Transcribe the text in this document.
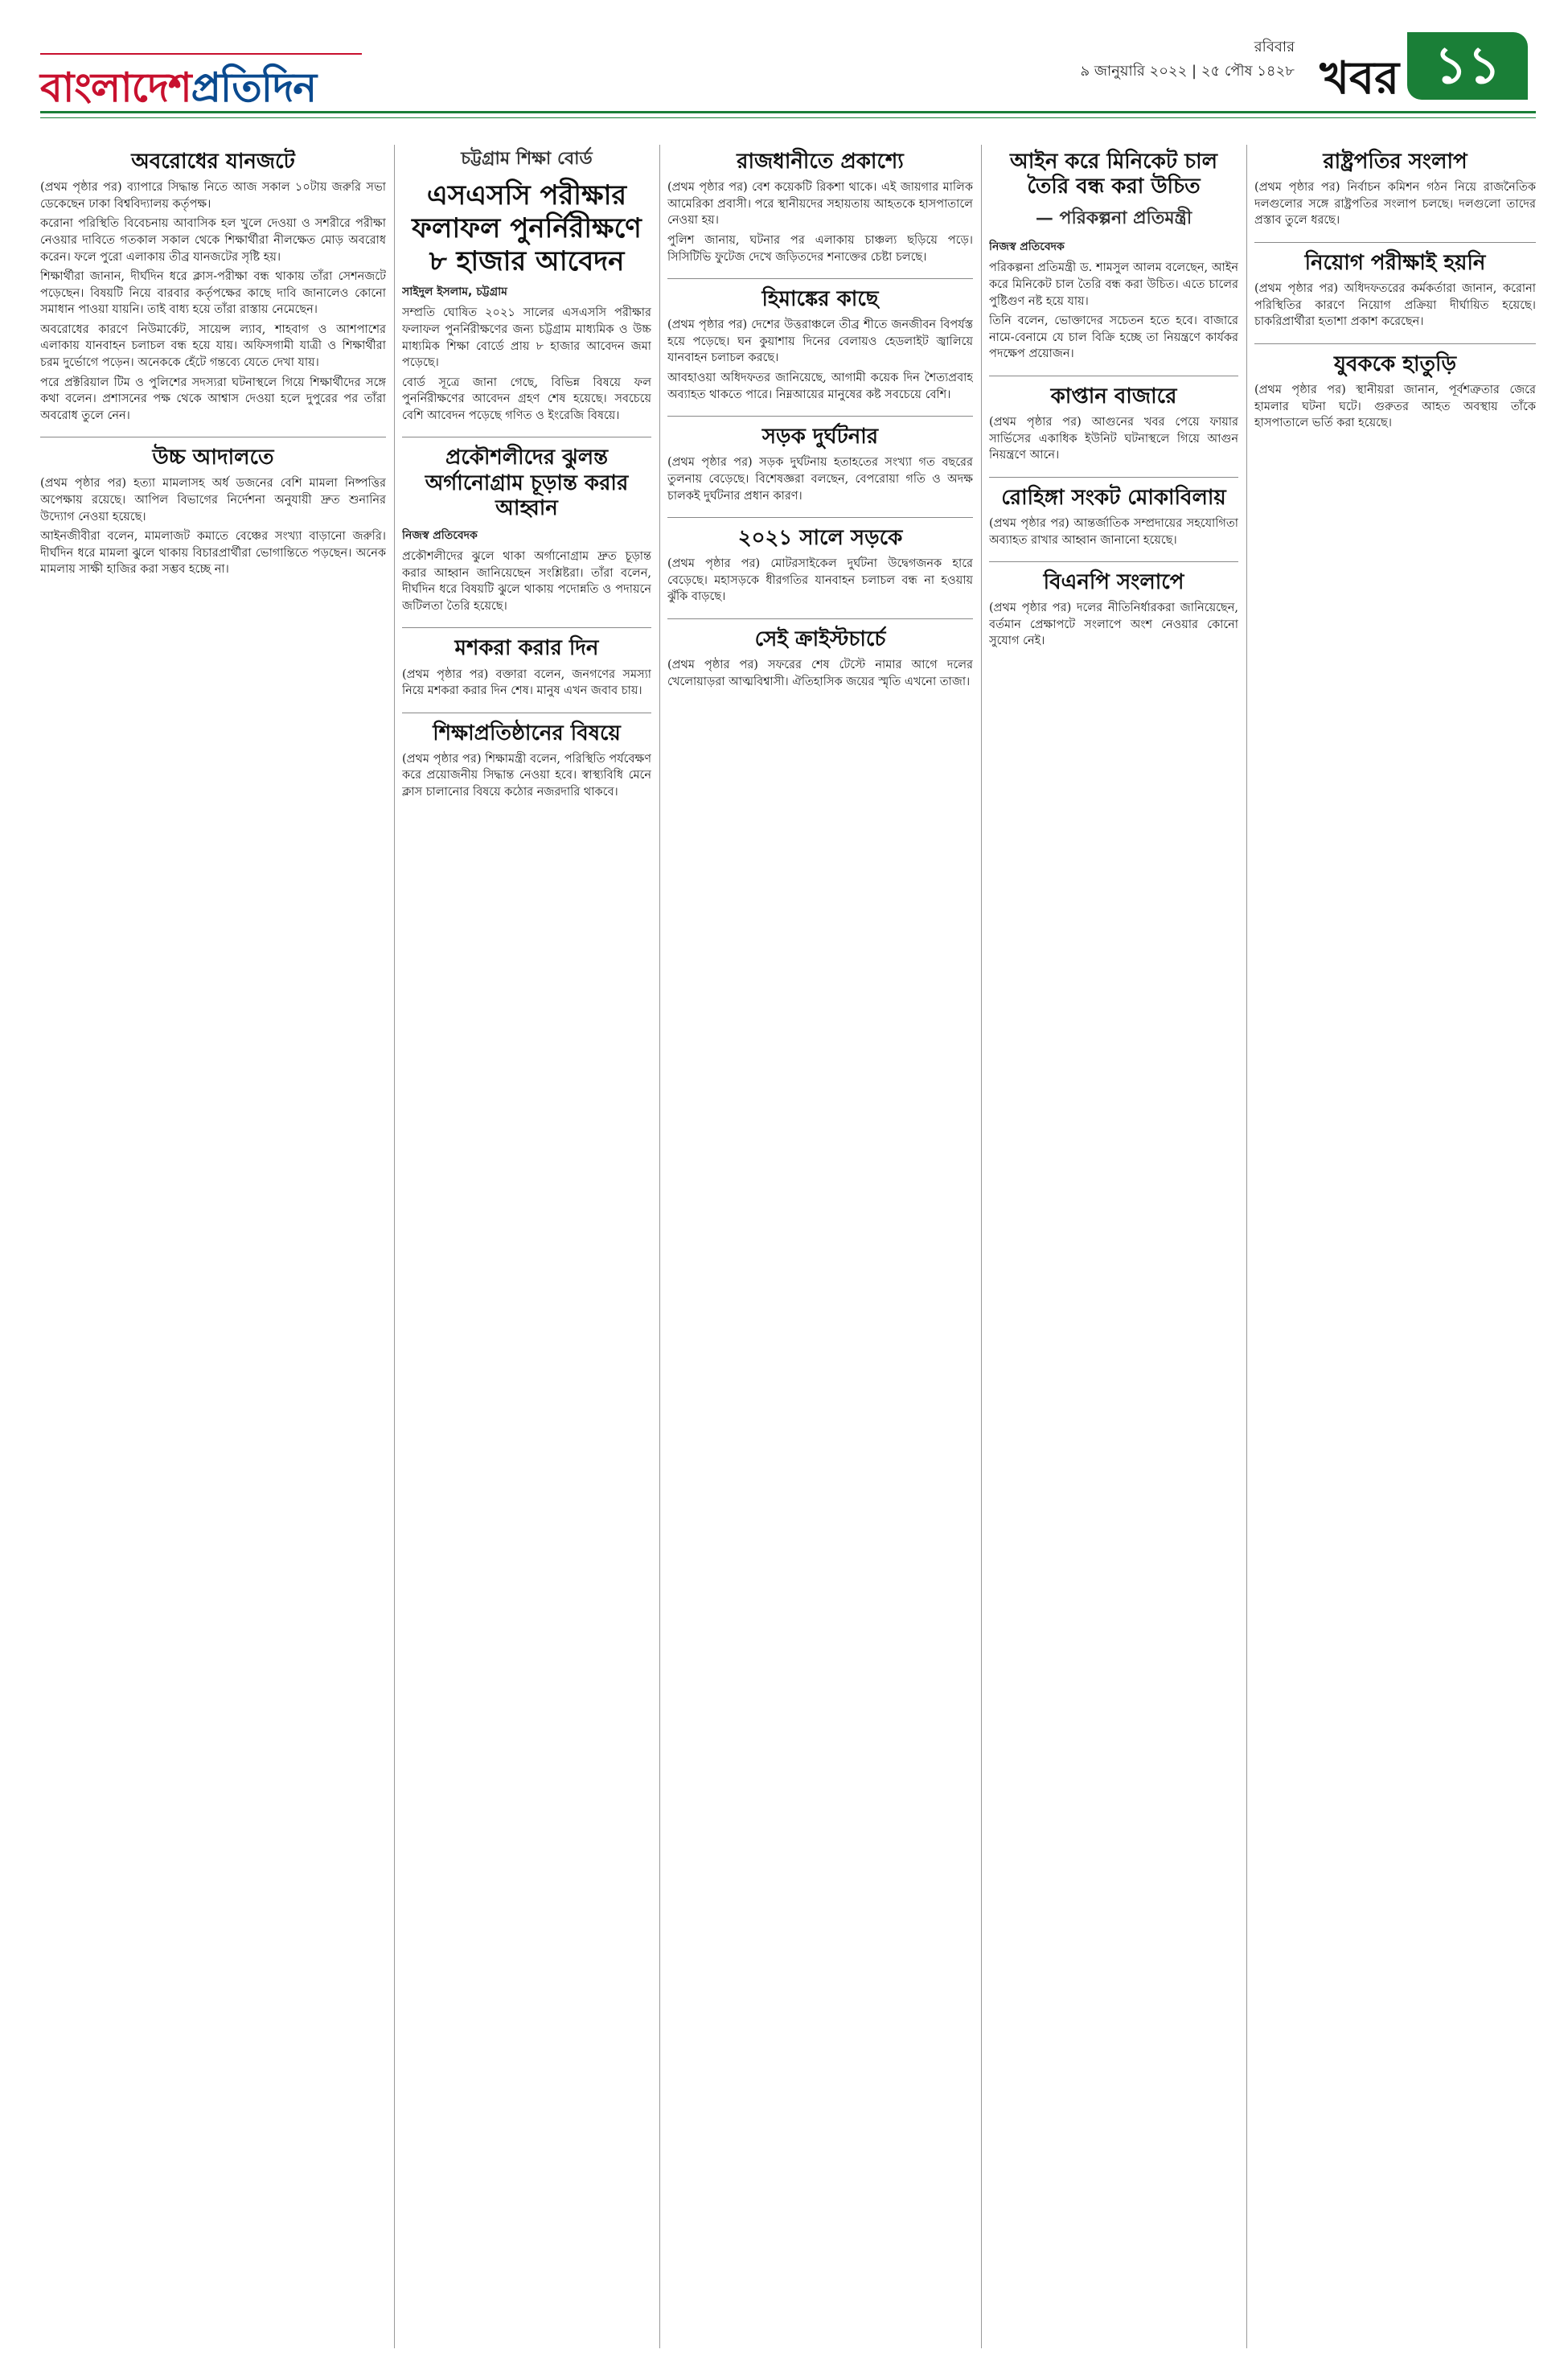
বাংলাদেশপ্রতিদিন
রবিবার
৯ জানুয়ারি ২০২২ | ২৫ পৌষ ১৪২৮ খবর ১১
অবরোধের যানজটে

(প্রথম পৃষ্ঠার পর) ব্যাপারে সিদ্ধান্ত নিতে আজ সকাল ১০টায় জরুরি সভা ডেকেছেন ঢাকা বিশ্ববিদ্যালয় কর্তৃপক্ষ।

করোনা পরিস্থিতি বিবেচনায় আবাসিক হল খুলে দেওয়া ও সশরীরে পরীক্ষা নেওয়ার দাবিতে গতকাল সকাল থেকে শিক্ষার্থীরা নীলক্ষেত মোড় অবরোধ করেন। ফলে পুরো এলাকায় তীব্র যানজটের সৃষ্টি হয়।

শিক্ষার্থীরা জানান, দীর্ঘদিন ধরে ক্লাস-পরীক্ষা বন্ধ থাকায় তাঁরা সেশনজটে পড়েছেন। বিষয়টি নিয়ে বারবার কর্তৃপক্ষের কাছে দাবি জানালেও কোনো সমাধান পাওয়া যায়নি। তাই বাধ্য হয়ে তাঁরা রাস্তায় নেমেছেন।

অবরোধের কারণে নিউমার্কেট, সায়েন্স ল্যাব, শাহবাগ ও আশপাশের এলাকায় যানবাহন চলাচল বন্ধ হয়ে যায়। অফিসগামী যাত্রী ও শিক্ষার্থীরা চরম দুর্ভোগে পড়েন। অনেককে হেঁটে গন্তব্যে যেতে দেখা যায়।

পরে প্রক্টরিয়াল টিম ও পুলিশের সদস্যরা ঘটনাস্থলে গিয়ে শিক্ষার্থীদের সঙ্গে কথা বলেন। প্রশাসনের পক্ষ থেকে আশ্বাস দেওয়া হলে দুপুরের পর তাঁরা অবরোধ তুলে নেন।

উচ্চ আদালতে

(প্রথম পৃষ্ঠার পর) হত্যা মামলাসহ অর্ধ ডজনের বেশি মামলা নিষ্পত্তির অপেক্ষায় রয়েছে। আপিল বিভাগের নির্দেশনা অনুযায়ী দ্রুত শুনানির উদ্যোগ নেওয়া হয়েছে।

আইনজীবীরা বলেন, মামলাজট কমাতে বেঞ্চের সংখ্যা বাড়ানো জরুরি। দীর্ঘদিন ধরে মামলা ঝুলে থাকায় বিচারপ্রার্থীরা ভোগান্তিতে পড়ছেন। অনেক মামলায় সাক্ষী হাজির করা সম্ভব হচ্ছে না।

চট্টগ্রাম শিক্ষা বোর্ড
এসএসসি পরীক্ষার ফলাফল পুনর্নিরীক্ষণে ৮ হাজার আবেদন
সাইদুল ইসলাম, চট্টগ্রাম

সম্প্রতি ঘোষিত ২০২১ সালের এসএসসি পরীক্ষার ফলাফল পুনর্নিরীক্ষণের জন্য চট্টগ্রাম মাধ্যমিক ও উচ্চ মাধ্যমিক শিক্ষা বোর্ডে প্রায় ৮ হাজার আবেদন জমা পড়েছে।

বোর্ড সূত্রে জানা গেছে, বিভিন্ন বিষয়ে ফল পুনর্নিরীক্ষণের আবেদন গ্রহণ শেষ হয়েছে। সবচেয়ে বেশি আবেদন পড়েছে গণিত ও ইংরেজি বিষয়ে।

প্রকৌশলীদের ঝুলন্ত অর্গানোগ্রাম চূড়ান্ত করার আহ্বান
নিজস্ব প্রতিবেদক

প্রকৌশলীদের ঝুলে থাকা অর্গানোগ্রাম দ্রুত চূড়ান্ত করার আহ্বান জানিয়েছেন সংশ্লিষ্টরা। তাঁরা বলেন, দীর্ঘদিন ধরে বিষয়টি ঝুলে থাকায় পদোন্নতি ও পদায়নে জটিলতা তৈরি হয়েছে।

মশকরা করার দিন

(প্রথম পৃষ্ঠার পর) বক্তারা বলেন, জনগণের সমস্যা নিয়ে মশকরা করার দিন শেষ। মানুষ এখন জবাব চায়।

শিক্ষাপ্রতিষ্ঠানের বিষয়ে

(প্রথম পৃষ্ঠার পর) শিক্ষামন্ত্রী বলেন, পরিস্থিতি পর্যবেক্ষণ করে প্রয়োজনীয় সিদ্ধান্ত নেওয়া হবে। স্বাস্থ্যবিধি মেনে ক্লাস চালানোর বিষয়ে কঠোর নজরদারি থাকবে।

রাজধানীতে প্রকাশ্যে

(প্রথম পৃষ্ঠার পর) বেশ কয়েকটি রিকশা থাকে। এই জায়গার মালিক আমেরিকা প্রবাসী। পরে স্থানীয়দের সহায়তায় আহতকে হাসপাতালে নেওয়া হয়।

পুলিশ জানায়, ঘটনার পর এলাকায় চাঞ্চল্য ছড়িয়ে পড়ে। সিসিটিভি ফুটেজ দেখে জড়িতদের শনাক্তের চেষ্টা চলছে।

হিমাঙ্কের কাছে

(প্রথম পৃষ্ঠার পর) দেশের উত্তরাঞ্চলে তীব্র শীতে জনজীবন বিপর্যস্ত হয়ে পড়েছে। ঘন কুয়াশায় দিনের বেলায়ও হেডলাইট জ্বালিয়ে যানবাহন চলাচল করছে।

আবহাওয়া অধিদফতর জানিয়েছে, আগামী কয়েক দিন শৈত্যপ্রবাহ অব্যাহত থাকতে পারে। নিম্নআয়ের মানুষের কষ্ট সবচেয়ে বেশি।

সড়ক দুর্ঘটনার

(প্রথম পৃষ্ঠার পর) সড়ক দুর্ঘটনায় হতাহতের সংখ্যা গত বছরের তুলনায় বেড়েছে। বিশেষজ্ঞরা বলছেন, বেপরোয়া গতি ও অদক্ষ চালকই দুর্ঘটনার প্রধান কারণ।

২০২১ সালে সড়কে

(প্রথম পৃষ্ঠার পর) মোটরসাইকেল দুর্ঘটনা উদ্বেগজনক হারে বেড়েছে। মহাসড়কে ধীরগতির যানবাহন চলাচল বন্ধ না হওয়ায় ঝুঁকি বাড়ছে।

সেই ক্রাইস্টচার্চে

(প্রথম পৃষ্ঠার পর) সফরের শেষ টেস্টে নামার আগে দলের খেলোয়াড়রা আত্মবিশ্বাসী। ঐতিহাসিক জয়ের স্মৃতি এখনো তাজা।

আইন করে মিনিকেট চাল তৈরি বন্ধ করা উচিত
— পরিকল্পনা প্রতিমন্ত্রী
নিজস্ব প্রতিবেদক

পরিকল্পনা প্রতিমন্ত্রী ড. শামসুল আলম বলেছেন, আইন করে মিনিকেট চাল তৈরি বন্ধ করা উচিত। এতে চালের পুষ্টিগুণ নষ্ট হয়ে যায়।

তিনি বলেন, ভোক্তাদের সচেতন হতে হবে। বাজারে নামে-বেনামে যে চাল বিক্রি হচ্ছে তা নিয়ন্ত্রণে কার্যকর পদক্ষেপ প্রয়োজন।

কাপ্তান বাজারে

(প্রথম পৃষ্ঠার পর) আগুনের খবর পেয়ে ফায়ার সার্ভিসের একাধিক ইউনিট ঘটনাস্থলে গিয়ে আগুন নিয়ন্ত্রণে আনে।

রোহিঙ্গা সংকট মোকাবিলায়

(প্রথম পৃষ্ঠার পর) আন্তর্জাতিক সম্প্রদায়ের সহযোগিতা অব্যাহত রাখার আহ্বান জানানো হয়েছে।

বিএনপি সংলাপে

(প্রথম পৃষ্ঠার পর) দলের নীতিনির্ধারকরা জানিয়েছেন, বর্তমান প্রেক্ষাপটে সংলাপে অংশ নেওয়ার কোনো সুযোগ নেই।

রাষ্ট্রপতির সংলাপ

(প্রথম পৃষ্ঠার পর) নির্বাচন কমিশন গঠন নিয়ে রাজনৈতিক দলগুলোর সঙ্গে রাষ্ট্রপতির সংলাপ চলছে। দলগুলো তাদের প্রস্তাব তুলে ধরছে।

নিয়োগ পরীক্ষাই হয়নি

(প্রথম পৃষ্ঠার পর) অধিদফতরের কর্মকর্তারা জানান, করোনা পরিস্থিতির কারণে নিয়োগ প্রক্রিয়া দীর্ঘায়িত হয়েছে। চাকরিপ্রার্থীরা হতাশা প্রকাশ করেছেন।

যুবককে হাতুড়ি

(প্রথম পৃষ্ঠার পর) স্থানীয়রা জানান, পূর্বশত্রুতার জেরে হামলার ঘটনা ঘটে। গুরুতর আহত অবস্থায় তাঁকে হাসপাতালে ভর্তি করা হয়েছে।
